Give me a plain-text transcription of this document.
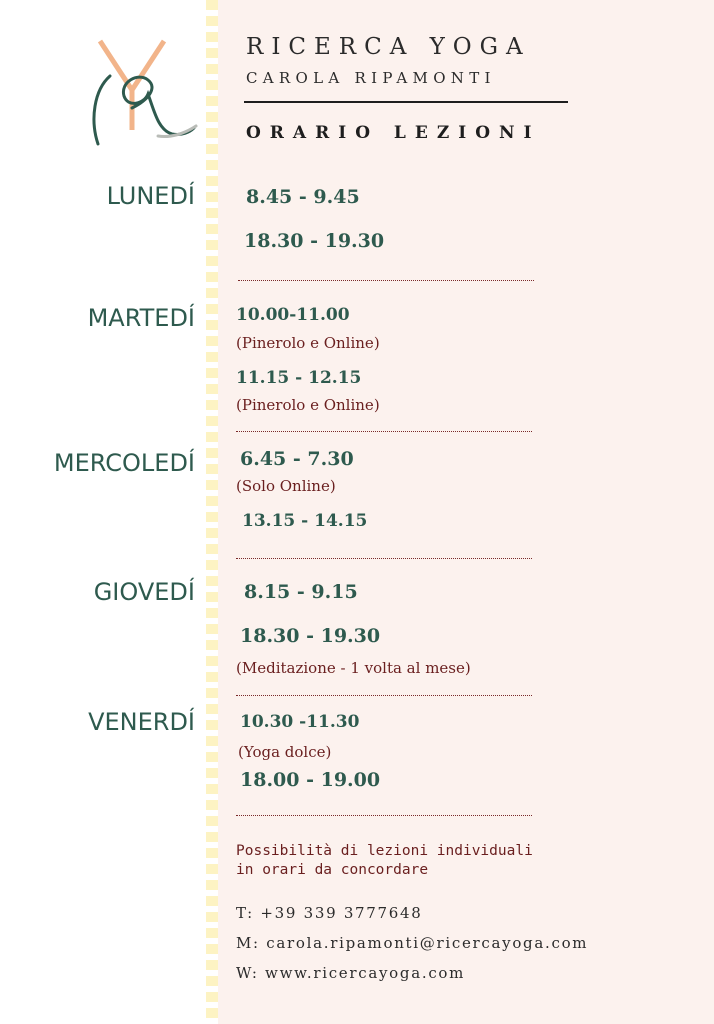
RICERCA YOGA
CAROLA RIPAMONTI
ORARIO LEZIONI
LUNEDÍ	8.45 - 9.45
18.30 - 19.30
MARTEDÍ 10.00-11.00
(Pinerolo e Online)
11.15 - 12.15
(Pinerolo e Online)
MERCOLEDÍ 6.45 - 7.30
(Solo Online)
13.15 - 14.15
GIOVEDÍ	8.15 - 9.15
18.30 - 19.30
(Meditazione - 1 volta al mese)
VENERDÍ	10.30 -11.30
(Yoga dolce)
18.00 - 19.00
Possibilità di lezioni individuali
in orari da concordare
T: +39 339 3777648
M: carola.ripamonti@ricercayoga.com
W: www.ricercayoga.com
